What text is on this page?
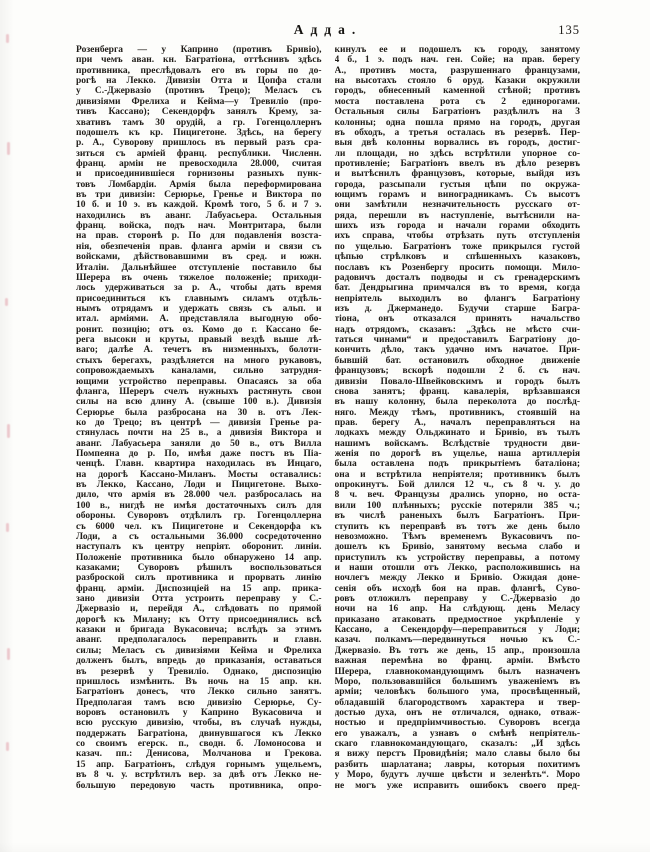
Адда.	135
Розенберга — у Каприно (противъ Бривіо),
при чемъ аван. кн. Багратіона, оттѣснивъ здѣсь
противника, преслѣдовалъ его въ горы по до-
рогѣ на Лекко. Дивизіи Отта и Цопфа стали
у С.-Джервазіо (противъ Трецо); Меласъ съ
дивизіями Фрелиха и Кейма—у Тревиліо (про-
тивъ Кассано); Секендорфъ занялъ Крему, за-
хвативъ тамъ 30 орудій, а гр. Гогенцоллернъ
подошелъ къ кр. Пицигетоне. Здѣсь, на берегу
р. А., Суворову пришлось въ первый разъ сра-
зиться съ арміей франц. республики. Численн.
франц. арміи не превосходила 28.000, считая
и присоединившіеся горнизоны разныхъ пунк-
товъ Ломбардіи. Армія была переформирована
въ три дивизіи: Серюрье, Гренье и Виктора по
10 б. и 10 э. въ каждой. Кромѣ того, 5 б. и 7 э.
находились въ аванг. Лабуасьера. Остальныя
франц. войска, подъ нач. Монтритара, были
на прав. сторонѣ р. По для подавленія возста-
нія, обезпеченія прав. фланга арміи и связи съ
войсками, дѣйствовавшими въ сред. и южн.
Италіи. Дальнѣйшее отступленіе поставило бы
Шерера въ очень тяжелое положеніе; приходи-
лось удерживаться за р. А., чтобы дать время
присоединиться къ главнымъ силамъ отдѣль-
нымъ отрядамъ и удержать связь съ альп. и
итал. арміями. А. представляла выгодную обо-
ронит. позицію; отъ оз. Комо до г. Кассано бе-
рега высоки и круты, правый вездѣ выше лѣ-
ваго; далѣе А. течетъ въ низменныхъ, болоти-
стыхъ берегахъ, раздѣляется на много рукавовъ,
сопровождаемыхъ каналами, сильно затрудня-
ющими устройство переправы. Опасаясь за оба
фланга, Шереръ счелъ нужныхъ растянуть свои
силы на всю длину А. (свыше 100 в.). Дивизія
Серюрье была разбросана на 30 в. отъ Лек-
ко до Трецо; въ центрѣ — дивизія Гренье ра-
стянулась почти на 25 в., а дивизія Виктора и
аванг. Лабуасьера заняли до 50 в., отъ Вилла
Помпеяна до р. По, имѣя даже постъ въ Піа-
ченцѣ. Главн. квартира находилась въ Инцаго,
на дорогѣ Кассано-Миланъ. Мосты оставались:
въ Лекко, Кассано, Лоди и Пицигетоне. Выхо-
дило, что армія въ 28.000 чел. разбросалась на
100 в., нигдѣ не имѣя достаточныхъ силъ для
обороны. Суворовъ отдѣлилъ гр. Гогенцоллерна
съ 6000 чел. къ Пицигетоне и Секендорфа къ
Лоди, а съ остальными 36.000 сосредоточенно
наступалъ къ центру непріят. оборонит. линіи.
Положеніе противника было обнаружено 14 апр.
казаками; Суворовъ рѣшилъ воспользоваться
разброской силъ противника и прорвать линію
франц. арміи. Диспозиціей на 15 апр. прика-
зано дивизіи Отта устроить переправу у С.-
Джервазіо и, перейдя А., слѣдовать по прямой
дорогѣ къ Милану; къ Отту присоединялись всѣ
казаки и бригада Вукасовича; вслѣдъ за этимъ
аванг. предполагалось переправить и главн.
силы; Меласъ съ дивизіями Кейма и Фрелиха
долженъ былъ, впредь до приказанія, оставаться
въ резервѣ у Тревиліо. Однако, диспозицію
пришлось измѣнить. Въ ночь на 15 апр. кн.
Багратіонъ донесъ, что Лекко сильно занятъ.
Предполагая тамъ всю дивизію Серюрье, Су-
воровъ остановилъ у Каприно Вукасовича и
всю русскую дивизію, чтобы, въ случаѣ нужды,
поддержать Багратіона, двинувшагося къ Лекко
со своимъ егерск. п., сводн. б. Ломоносова и
казач. пп.: Денисова, Молчанова и Грекова.
15 апр. Багратіонъ, слѣдуя горнымъ ущельемъ,
въ 8 ч. у. встрѣтилъ вер. за двѣ отъ Лекко не-
большую передовую часть противника, опро-
кинулъ ее и подошелъ къ городу, занятому
4 б., 1 э. подъ нач. ген. Сойе; на прав. берегу
А., противъ моста, разрушеннаго французами,
на высотахъ стояло 6 оруд. Казаки окружили
городъ, обнесенный каменной стѣной; противъ
моста поставлена рота съ 2 единорогами.
Остальныя силы Багратіонъ раздѣлилъ на 3
колонны; одна пошла прямо на городъ, другая
въ обходъ, а третья осталась въ резервѣ. Пер-
выя двѣ колонны ворвались въ городъ, достиг-
ли площади, но здѣсь встрѣтили упорное со-
противленіе; Багратіонъ ввелъ въ дѣло резервъ
и вытѣснилъ французовъ, которые, выйдя изъ
города, разсыпали густыя цѣпи по окружа-
ющимъ горамъ и виноградникамъ. Съ высотъ
они замѣтили незначительность русскаго от-
ряда, перешли въ наступленіе, вытѣснили на-
шихъ изъ города и начали горами обходить
ихъ справа, чтобы отрѣзать путь отступленія
по ущелью. Багратіонъ тоже прикрылся густой
цѣпью стрѣлковъ и спѣшенныхъ казаковъ,
пославъ къ Розенбергу просить помощи. Мило-
радовичъ досталъ подводы и съ гренадерскимъ
бат. Дендрыгина примчался въ то время, когда
непріятель выходилъ во флангъ Багратіону
изъ д. Джерманедо. Будучи старше Багра-
тіона, онъ отказался принять начальство
надъ отрядомъ, сказавъ: „Здѣсь не мѣсто счи-
таться чинами“ и предоставилъ Багратіону до-
кончить дѣло, такъ удачно имъ начатое. При-
бывшій бат. остановилъ обходное движеніе
французовъ; вскорѣ подошли 2 б. съ нач.
дивизіи Повало-Швейковскимъ и городъ былъ
снова занятъ; франц. кавалерія, врѣзавшаяся
въ нашу колонну, была переколота до послѣд-
няго. Между тѣмъ, противникъ, стоявшій на
прав. берегу А., началъ переправляться на
лодкахъ между Ольджинато и Бривіо, въ тылъ
нашимъ войскамъ. Вслѣдствіе трудности дви-
женія по дорогѣ въ ущелье, наша артиллерія
была оставлена подъ прикрытіемъ баталіона;
она и встрѣтила непріятеля; противникъ былъ
опрокинутъ. Бой длился 12 ч., съ 8 ч. у. до
8 ч. веч. Французы дрались упорно, но оста-
вили 100 плѣнныхъ; русскіе потеряли 385 ч.;
въ числѣ раненыхъ былъ Багратіонъ. При-
ступить къ переправѣ въ тотъ же день было
невозможно. Тѣмъ временемъ Вукасовичъ по-
дошелъ къ Бривіо, занятому весьма слабо и
приступилъ къ устройству переправы, а потому
и наши отошли отъ Лекко, расположившись на
ночлегъ между Лекко и Бривіо. Ожидая доне-
сенія объ исходѣ боя на прав. флангѣ, Суво-
ровъ отложилъ переправу у С.-Джервазіо до
ночи на 16 апр. На слѣдующ. день Меласу
приказано атаковать предмостное укрѣпленіе у
Кассано, а Секендорфу—переправиться у Лоди;
казач. полкамъ—передвинуться ночью къ С.-
Джервазіо. Въ тотъ же день, 15 апр., произошла
важная перемѣна во франц. арміи. Вмѣсто
Шерера, главнокомандующимъ былъ назначенъ
Моро, пользовавшійся большимъ уваженіемъ въ
арміи; человѣкъ большого ума, просвѣщенный,
обладавшій благородствомъ характера и твер-
достью духа, онъ не отличался, однако, отваж-
ностью и предпріимчивостью. Суворовъ всегда
его уважалъ, а узнавъ о смѣнѣ непріятель-
скаго главнокомандующаго, сказалъ: „И здѣсь
я вижу перстъ Провидѣнія; мало славы было бы
разбить шарлатана; лавры, которыя похитимъ
у Моро, будутъ лучше цвѣсти и зеленѣть“. Моро
не могъ уже исправить ошибокъ своего пред-
